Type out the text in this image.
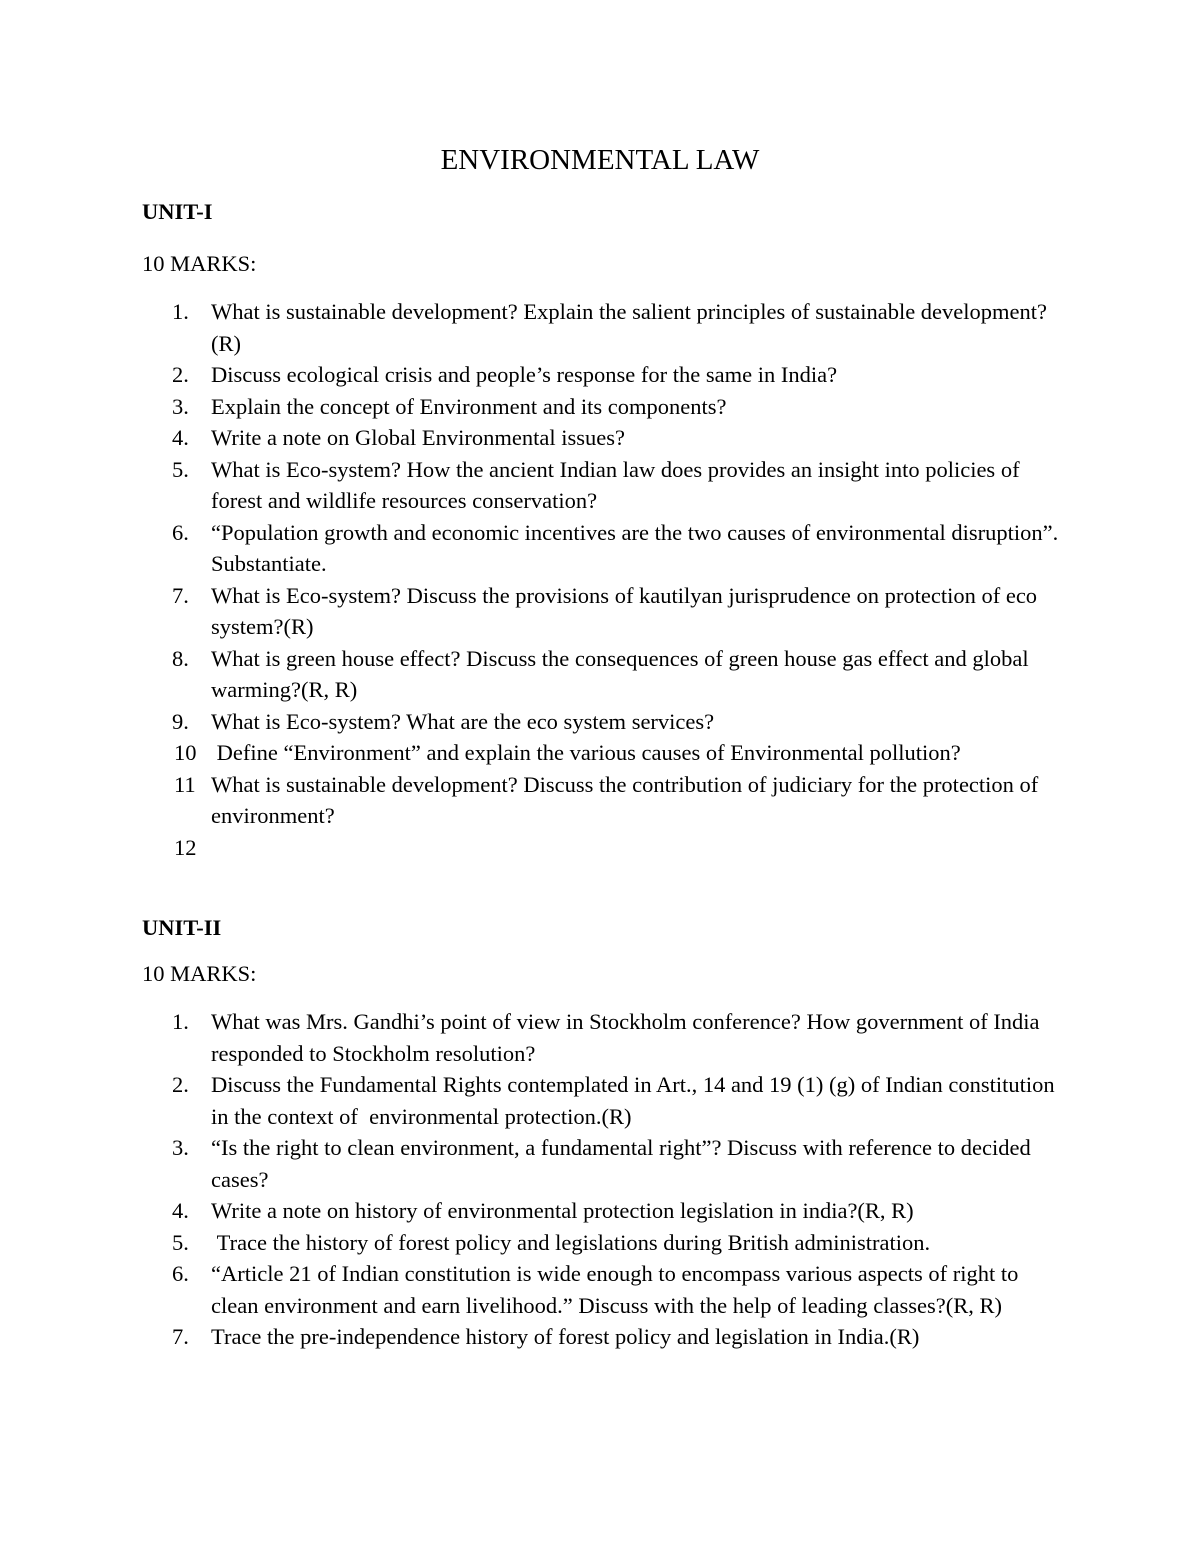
ENVIRONMENTAL LAW
UNIT-I
10 MARKS:
1. What is sustainable development? Explain the salient principles of sustainable development?(R)
2. Discuss ecological crisis and people’s response for the same in India?
3. Explain the concept of Environment and its components?
4. Write a note on Global Environmental issues?
5. What is Eco-system? How the ancient Indian law does provides an insight into policies of forest and wildlife resources conservation?
6. “Population growth and economic incentives are the two causes of environmental disruption”. Substantiate.
7. What is Eco-system? Discuss the provisions of kautilyan jurisprudence on protection of eco system?(R)
8. What is green house effect? Discuss the consequences of green house gas effect and global warming?(R, R)
9. What is Eco-system? What are the eco system services?
10 Define “Environment” and explain the various causes of Environmental pollution?
11 What is sustainable development? Discuss the contribution of judiciary for the protection of environment?
12
UNIT-II
10 MARKS:
1. What was Mrs. Gandhi’s point of view in Stockholm conference? How government of India responded to Stockholm resolution?
2. Discuss the Fundamental Rights contemplated in Art., 14 and 19 (1) (g) of Indian constitution in the context of  environmental protection.(R)
3. “Is the right to clean environment, a fundamental right”? Discuss with reference to decided cases?
4. Write a note on history of environmental protection legislation in india?(R, R)
5. Trace the history of forest policy and legislations during British administration.
6. “Article 21 of Indian constitution is wide enough to encompass various aspects of right to clean environment and earn livelihood.” Discuss with the help of leading classes?(R, R)
7. Trace the pre-independence history of forest policy and legislation in India.(R)
